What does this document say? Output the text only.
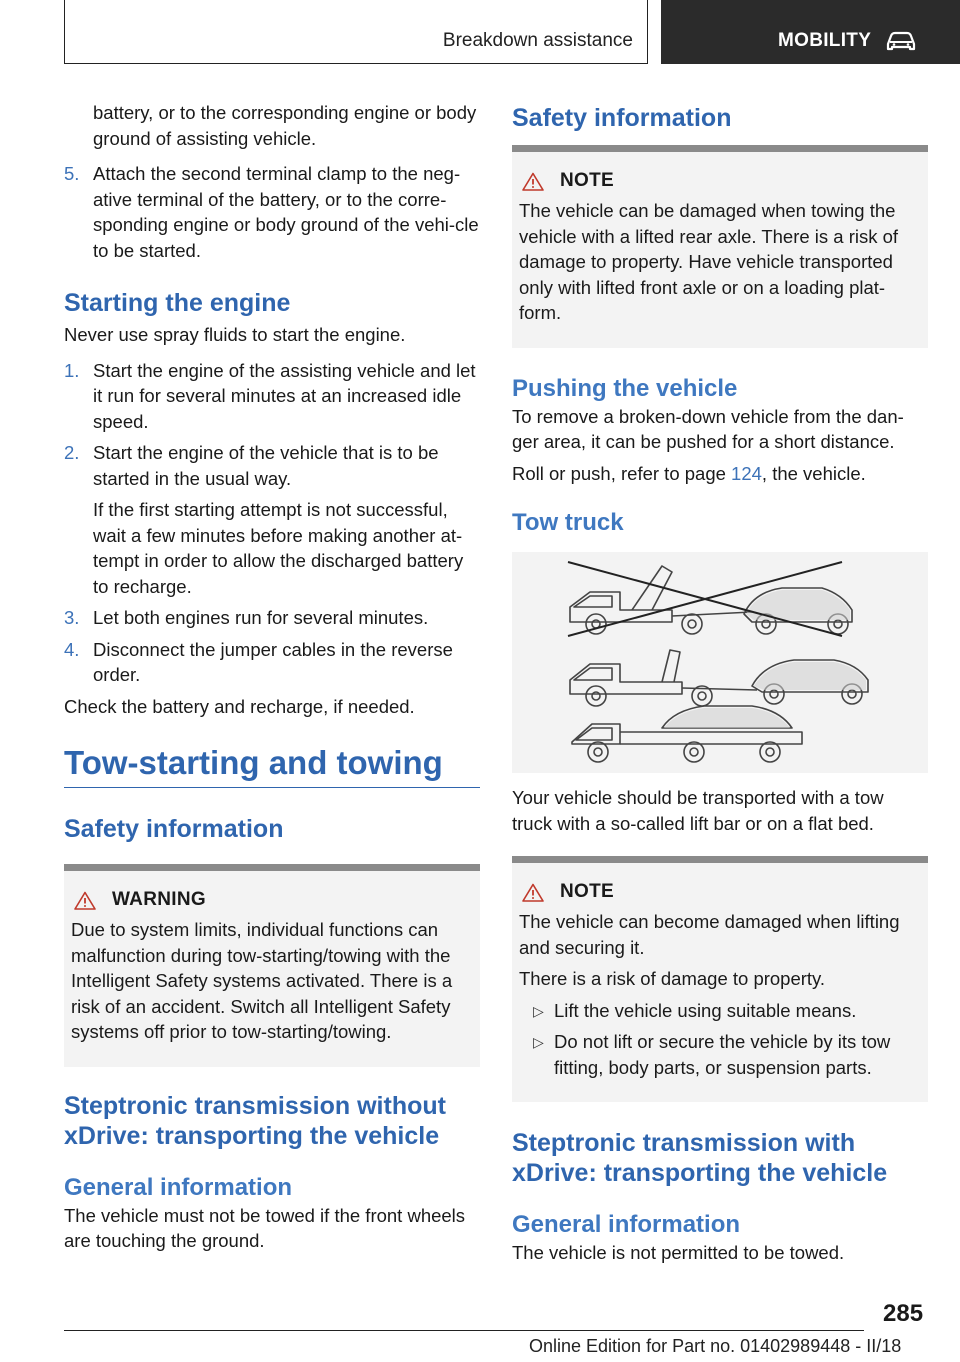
Breakdown assistance	MOBILITY

battery, or to the corresponding engine or body ground of assisting vehicle.

5. Attach the second terminal clamp to the neg‐ative terminal of the battery, or to the corre‐sponding engine or body ground of the vehi‐cle to be started.
Starting the engine

Never use spray fluids to start the engine.

1. Start the engine of the assisting vehicle and let it run for several minutes at an increased idle speed.
2. Start the engine of the vehicle that is to be started in the usual way.

If the first starting attempt is not successful, wait a few minutes before making another at‐tempt in order to allow the discharged battery to recharge.

3. Let both engines run for several minutes.
4. Disconnect the jumper cables in the reverse order.

Check the battery and recharge, if needed.

Tow-starting and towing
Safety information
WARNING

Due to system limits, individual functions can malfunction during tow-starting/towing with the Intelligent Safety systems activated. There is a risk of an accident. Switch all Intelligent Safety systems off prior to tow-starting/towing.

Steptronic transmission without xDrive: transporting the vehicle
General information

The vehicle must not be towed if the front wheels are touching the ground.

Safety information
NOTE

The vehicle can be damaged when towing the vehicle with a lifted rear axle. There is a risk of damage to property. Have vehicle transported only with lifted front axle or on a loading plat‐form.

Pushing the vehicle

To remove a broken-down vehicle from the dan‐ger area, it can be pushed for a short distance.

Roll or push, refer to page 124, the vehicle.

Tow truck

Your vehicle should be transported with a tow truck with a so-called lift bar or on a flat bed.

NOTE

The vehicle can become damaged when lifting and securing it.

There is a risk of damage to property.

▷ Lift the vehicle using suitable means.
▷ Do not lift or secure the vehicle by its tow fitting, body parts, or suspension parts.
Steptronic transmission with xDrive: transporting the vehicle
General information

The vehicle is not permitted to be towed.

285
Online Edition for Part no. 01402989448 - II/18
